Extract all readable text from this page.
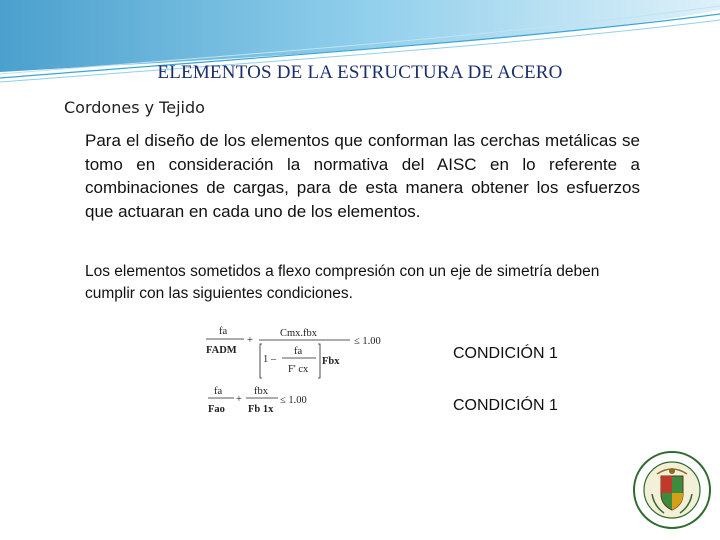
ELEMENTOS DE LA ESTRUCTURA DE ACERO
Cordones y Tejido
Para el diseño de los elementos que conforman las cerchas metálicas se tomo en consideración la normativa del AISC en lo referente a combinaciones de cargas, para de esta manera obtener los esfuerzos que actuaran en cada uno de los elementos.
Los elementos sometidos a flexo compresión con un eje de simetría deben cumplir con las siguientes condiciones.
fa
FADM
+
Cmx.fbx
≤ 1.00
1 –
fa
F' cx
Fbx
fa
Fao
+
fbx
Fb 1x
≤ 1.00
CONDICIÓN 1
CONDICIÓN 1
